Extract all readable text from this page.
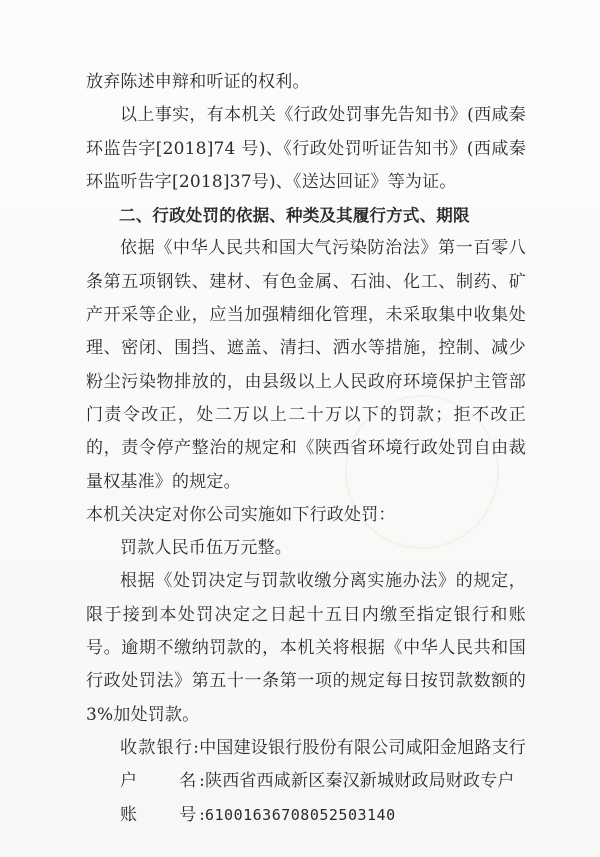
放弃陈述申辩和听证的权利。

以上事实，有本机关《行政处罚事先告知书》(西咸秦环监告字[2018]74 号)、《行政处罚听证告知书》(西咸秦环监听告字[2018]37号)、《送达回证》等为证。

二、行政处罚的依据、种类及其履行方式、期限

依据《中华人民共和国大气污染防治法》第一百零八条第五项钢铁、建材、有色金属、石油、化工、制药、矿产开采等企业，应当加强精细化管理，未采取集中收集处理、密闭、围挡、遮盖、清扫、洒水等措施，控制、减少粉尘污染物排放的，由县级以上人民政府环境保护主管部门责令改正，处二万以上二十万以下的罚款；拒不改正的，责令停产整治的规定和《陕西省环境行政处罚自由裁量权基准》的规定。

本机关决定对你公司实施如下行政处罚：

罚款人民币伍万元整。

根据《处罚决定与罚款收缴分离实施办法》的规定，限于接到本处罚决定之日起十五日内缴至指定银行和账号。逾期不缴纳罚款的，本机关将根据《中华人民共和国行政处罚法》第五十一条第一项的规定每日按罚款数额的 3%加处罚款。

收款银行: 中国建设银行股份有限公司咸阳金旭路支行
户　　名: 陕西省西咸新区秦汉新城财政局财政专户
账　　号: 61001636708052503140
